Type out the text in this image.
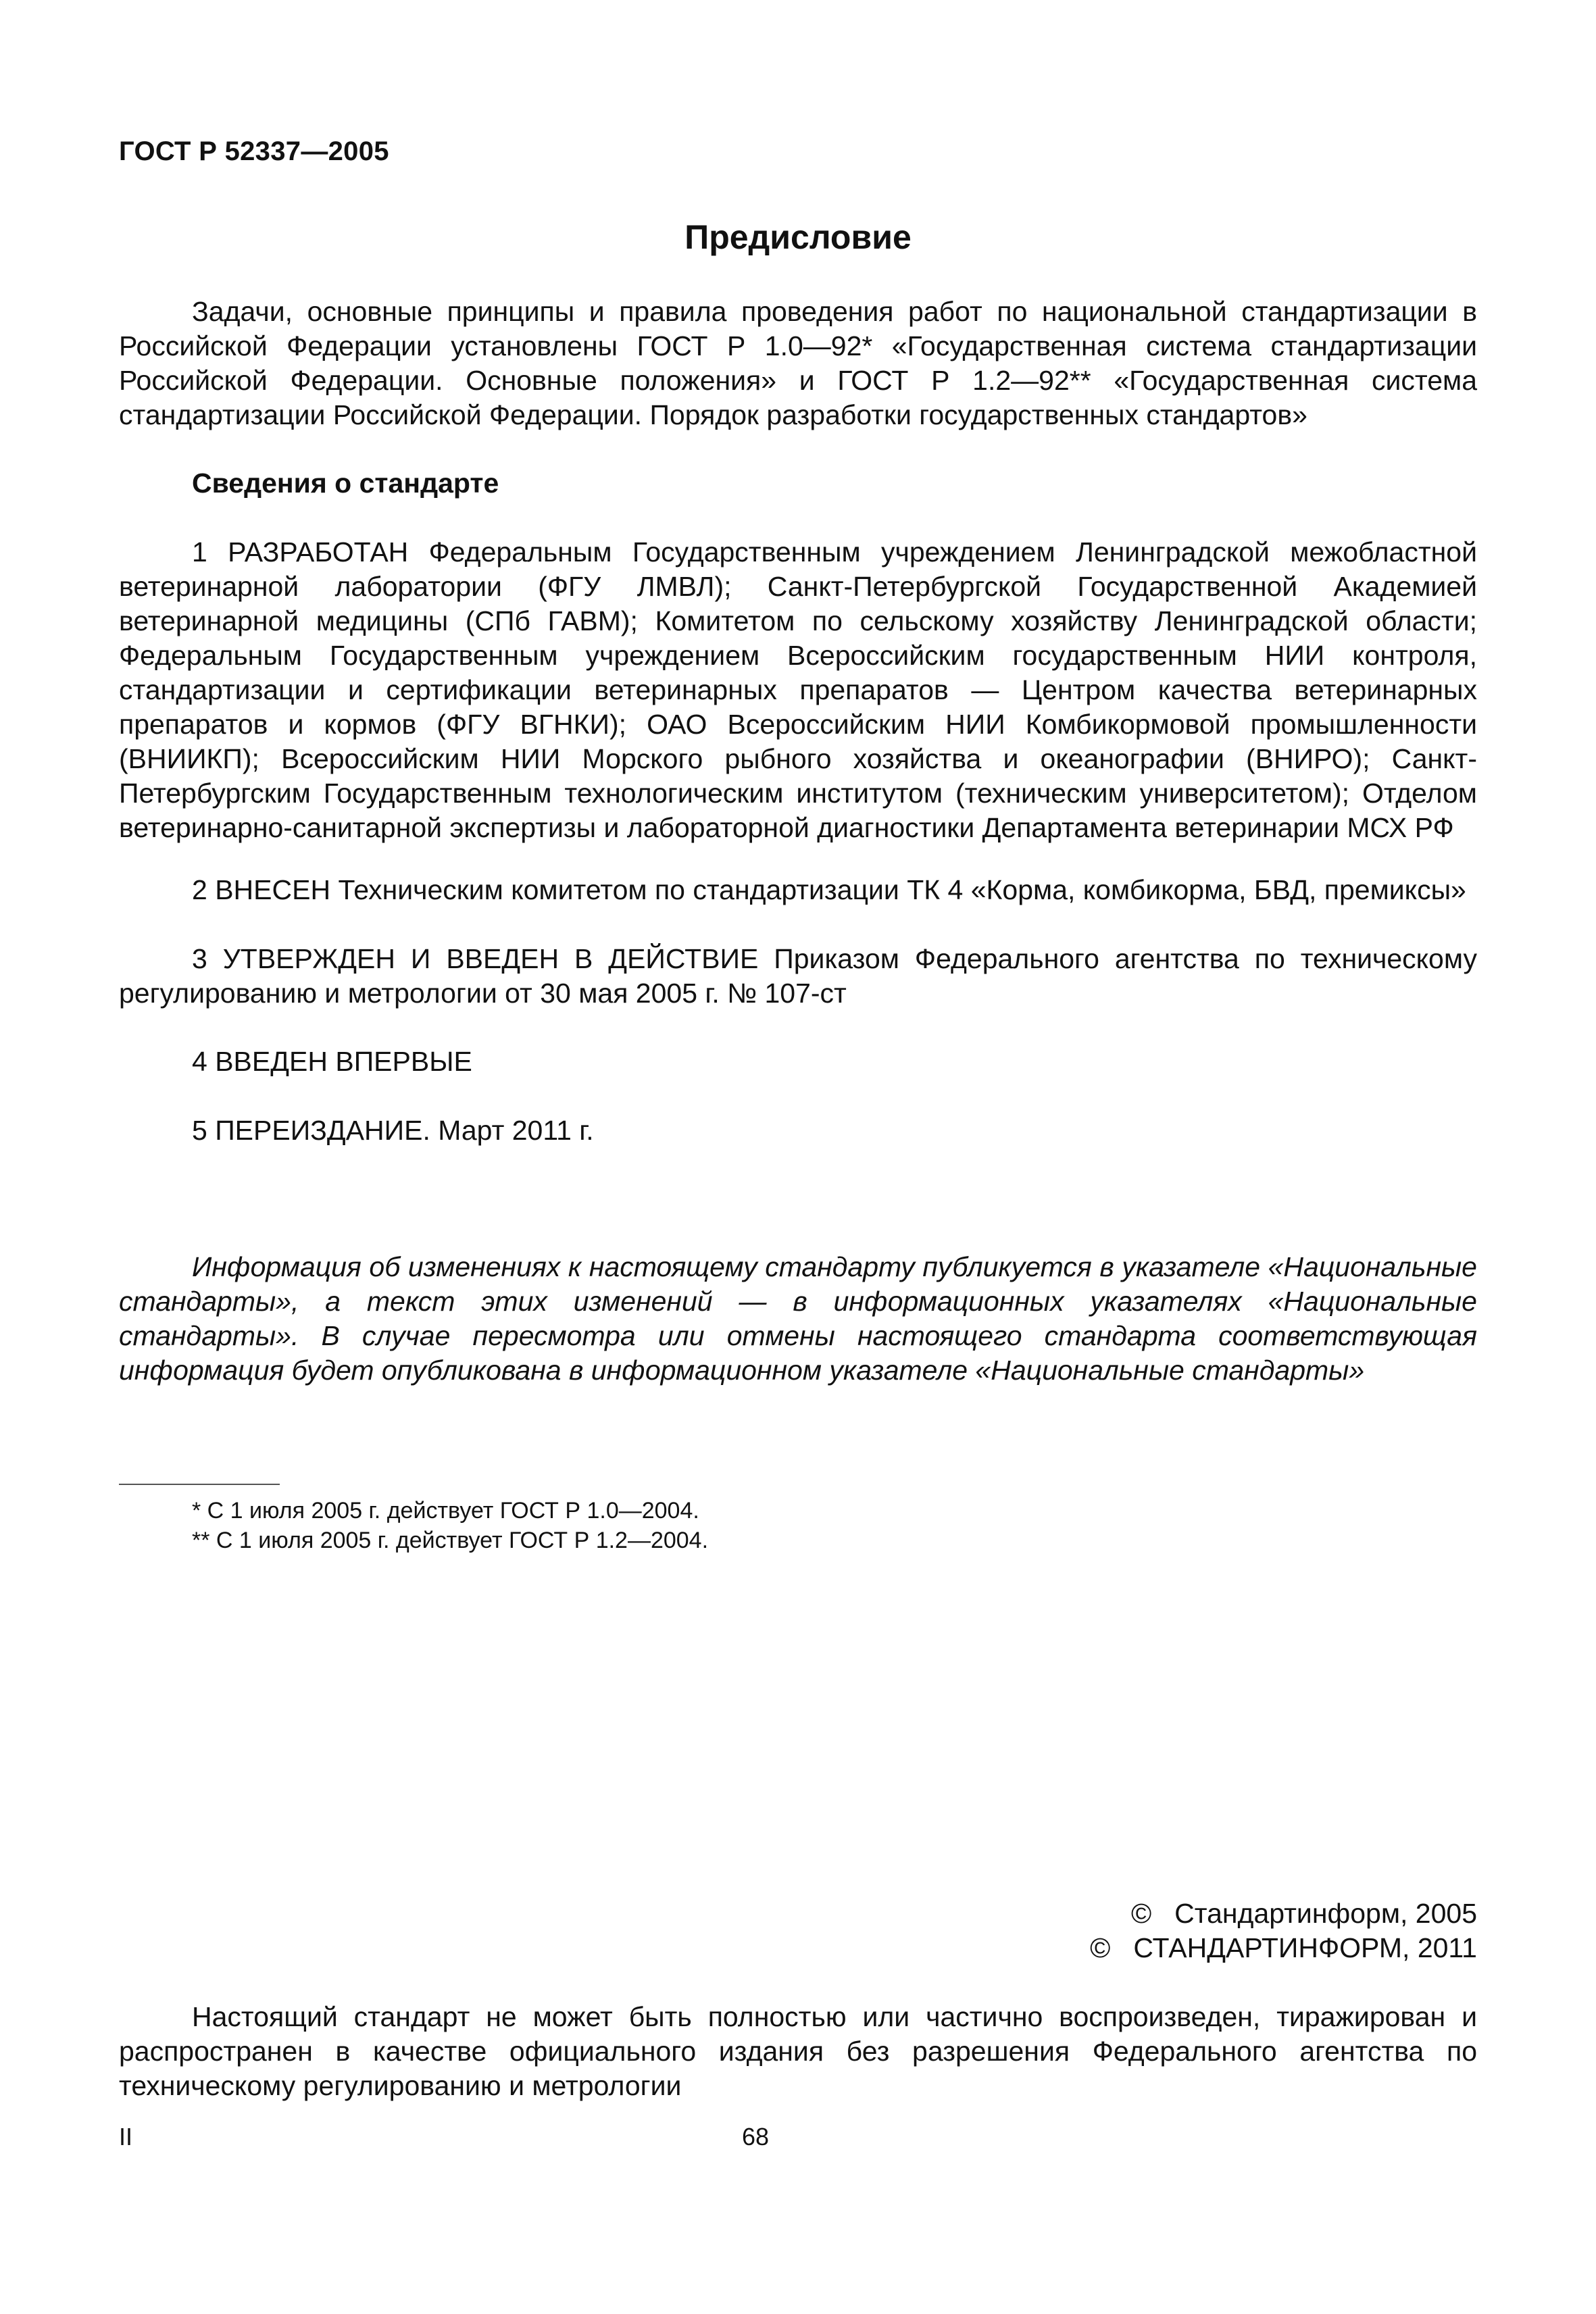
ГОСТ Р 52337—2005
Предисловие

Задачи, основные принципы и правила проведения работ по национальной стандартизации в Российской Федерации установлены ГОСТ Р 1.0—92* «Государственная система стандартизации Российской Федерации. Основные положения» и ГОСТ Р 1.2—92** «Государственная система стандартизации Российской Федерации. Порядок разработки государственных стандартов»

Сведения о стандарте

1 РАЗРАБОТАН Федеральным Государственным учреждением Ленинградской межобластной ветеринарной лаборатории (ФГУ ЛМВЛ); Санкт-Петербургской Государственной Академией ветеринарной медицины (СПб ГАВМ); Комитетом по сельскому хозяйству Ленинградской области; Федеральным Государственным учреждением Всероссийским государственным НИИ контроля, стандартизации и сертификации ветеринарных препаратов — Центром качества ветеринарных препаратов и кормов (ФГУ ВГНКИ); ОАО Всероссийским НИИ Комбикормовой промышленности (ВНИИКП); Всероссийским НИИ Морского рыбного хозяйства и океанографии (ВНИРО); Санкт-Петербургским Государственным технологическим институтом (техническим университетом); Отделом ветеринарно-санитарной экспертизы и лабораторной диагностики Департамента ветеринарии МСХ РФ

2 ВНЕСЕН Техническим комитетом по стандартизации ТК 4 «Корма, комбикорма, БВД, премиксы»

3 УТВЕРЖДЕН И ВВЕДЕН В ДЕЙСТВИЕ Приказом Федерального агентства по техническому регулированию и метрологии от 30 мая 2005 г. № 107-ст

4 ВВЕДЕН ВПЕРВЫЕ

5 ПЕРЕИЗДАНИЕ. Март 2011 г.

Информация об изменениях к настоящему стандарту публикуется в указателе «Национальные стандарты», а текст этих изменений — в информационных указателях «Национальные стандарты». В случае пересмотра или отмены настоящего стандарта соответствующая информация будет опубликована в информационном указателе «Национальные стандарты»

* С 1 июля 2005 г. действует ГОСТ Р 1.0—2004.
** С 1 июля 2005 г. действует ГОСТ Р 1.2—2004.
© Стандартинформ, 2005
© СТАНДАРТИНФОРМ, 2011

Настоящий стандарт не может быть полностью или частично воспроизведен, тиражирован и распространен в качестве официального издания без разрешения Федерального агентства по техническому регулированию и метрологии

II	68
